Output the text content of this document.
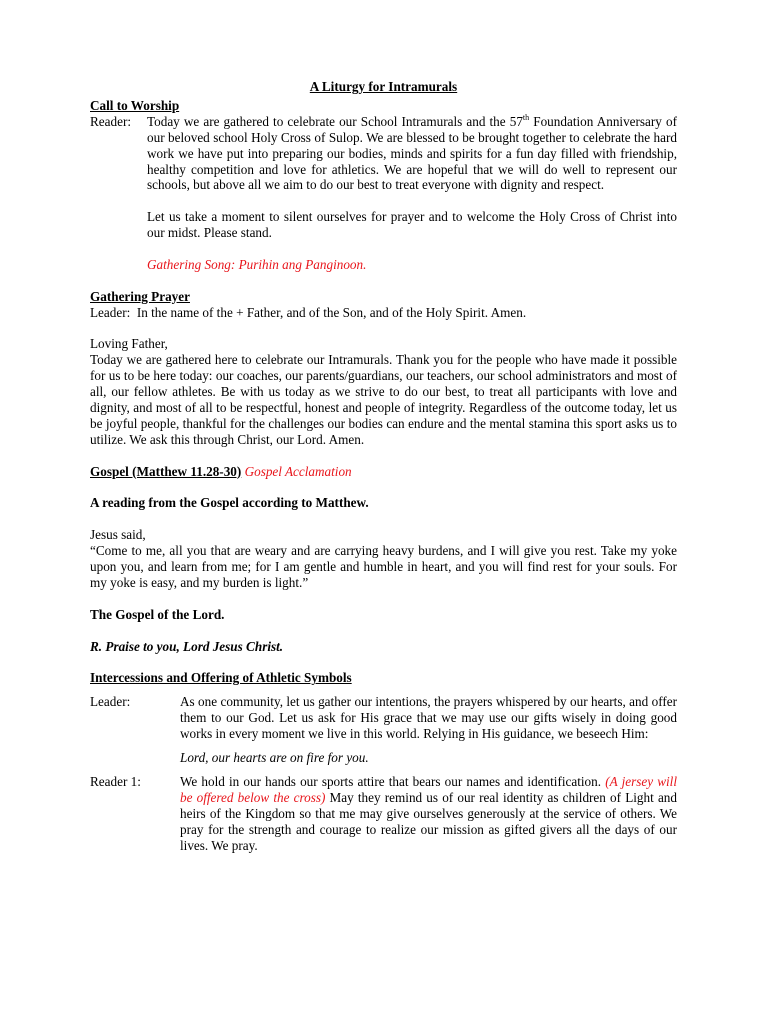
A Liturgy for Intramurals

Call to Worship

Reader:	Today we are gathered to celebrate our School Intramurals and the 57th Foundation Anniversary of our beloved school Holy Cross of Sulop. We are blessed to be brought together to celebrate the hard work we have put into preparing our bodies, minds and spirits for a fun day filled with friendship, healthy competition and love for athletics. We are hopeful that we will do well to represent our schools, but above all we aim to do our best to treat everyone with dignity and respect.

Let us take a moment to silent ourselves for prayer and to welcome the Holy Cross of Christ into our midst. Please stand.

Gathering Song: Purihin ang Panginoon.

Gathering Prayer

Leader:  In the name of the + Father, and of the Son, and of the Holy Spirit. Amen.

Loving Father,

Today we are gathered here to celebrate our Intramurals. Thank you for the people who have made it possible for us to be here today: our coaches, our parents/guardians, our teachers, our school administrators and most of all, our fellow athletes. Be with us today as we strive to do our best, to treat all participants with love and dignity, and most of all to be respectful, honest and people of integrity. Regardless of the outcome today, let us be joyful people, thankful for the challenges our bodies can endure and the mental stamina this sport asks us to utilize. We ask this through Christ, our Lord. Amen.

Gospel (Matthew 11.28-30) Gospel Acclamation

A reading from the Gospel according to Matthew.

Jesus said,

“Come to me, all you that are weary and are carrying heavy burdens, and I will give you rest. Take my yoke upon you, and learn from me; for I am gentle and humble in heart, and you will find rest for your souls. For my yoke is easy, and my burden is light.”

The Gospel of the Lord.

R. Praise to you, Lord Jesus Christ.

Intercessions and Offering of Athletic Symbols

Leader:	As one community, let us gather our intentions, the prayers whispered by our hearts, and offer them to our God. Let us ask for His grace that we may use our gifts wisely in doing good works in every moment we live in this world. Relying in His guidance, we beseech Him:

Lord, our hearts are on fire for you.

Reader 1:	We hold in our hands our sports attire that bears our names and identification. (A jersey will be offered below the cross) May they remind us of our real identity as children of Light and heirs of the Kingdom so that me may give ourselves generously at the service of others. We pray for the strength and courage to realize our mission as gifted givers all the days of our lives. We pray.
